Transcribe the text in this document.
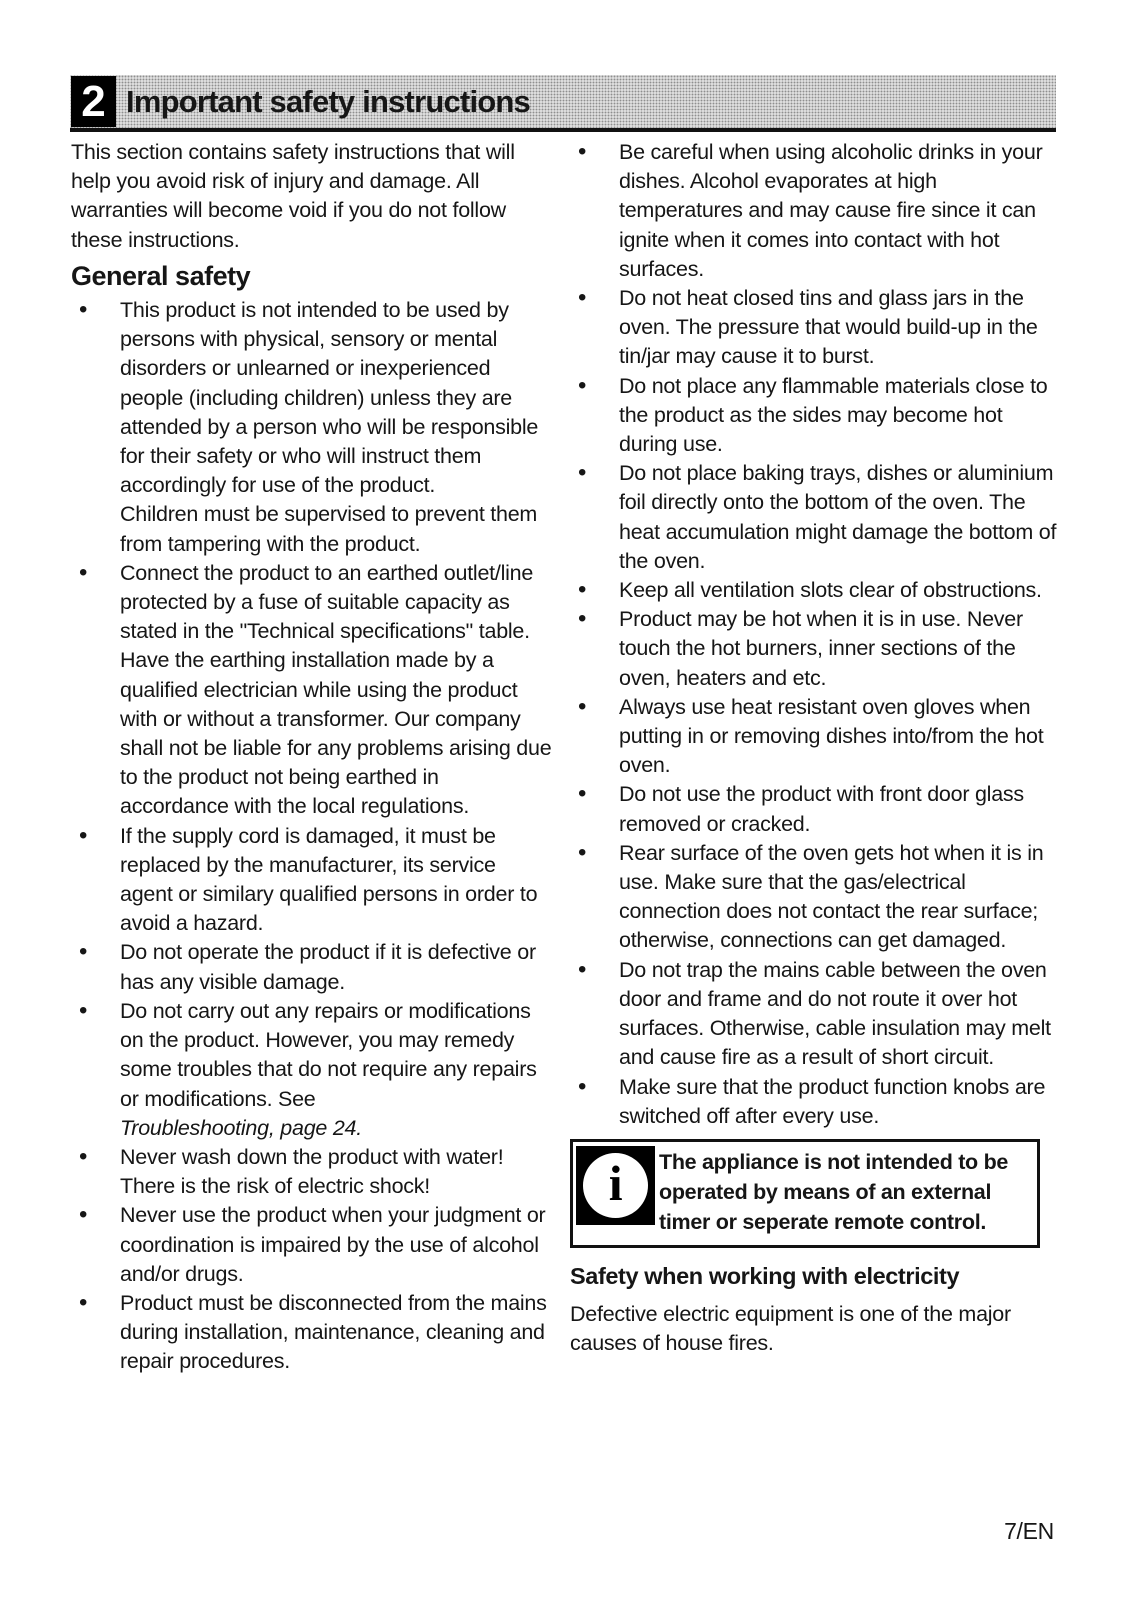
2 Important safety instructions

This section contains safety instructions that will help you avoid risk of injury and damage. All warranties will become void if you do not follow these instructions.

General safety
• This product is not intended to be used by persons with physical, sensory or mental disorders or unlearned or inexperienced people (including children) unless they are attended by a person who will be responsible for their safety or who will instruct them accordingly for use of the product.
Children must be supervised to prevent them from tampering with the product.
• Connect the product to an earthed outlet/line protected by a fuse of suitable capacity as stated in the "Technical specifications" table. Have the earthing installation made by a qualified electrician while using the product with or without a transformer. Our company shall not be liable for any problems arising due to the product not being earthed in accordance with the local regulations.
• If the supply cord is damaged, it must be replaced by the manufacturer, its service agent or similary qualified persons in order to avoid a hazard.
• Do not operate the product if it is defective or has any visible damage.
• Do not carry out any repairs or modifications on the product. However, you may remedy some troubles that do not require any repairs or modifications. See
Troubleshooting, page 24.
• Never wash down the product with water! There is the risk of electric shock!
• Never use the product when your judgment or coordination is impaired by the use of alcohol and/or drugs.
• Product must be disconnected from the mains during installation, maintenance, cleaning and repair procedures.
• Be careful when using alcoholic drinks in your dishes. Alcohol evaporates at high temperatures and may cause fire since it can ignite when it comes into contact with hot surfaces.
• Do not heat closed tins and glass jars in the oven. The pressure that would build-up in the tin/jar may cause it to burst.
• Do not place any flammable materials close to the product as the sides may become hot during use.
• Do not place baking trays, dishes or aluminium foil directly onto the bottom of the oven. The heat accumulation might damage the bottom of the oven.
• Keep all ventilation slots clear of obstructions.
• Product may be hot when it is in use. Never touch the hot burners, inner sections of the oven, heaters and etc.
• Always use heat resistant oven gloves when putting in or removing dishes into/from the hot oven.
• Do not use the product with front door glass removed or cracked.
• Rear surface of the oven gets hot when it is in use. Make sure that the gas/electrical connection does not contact the rear surface; otherwise, connections can get damaged.
• Do not trap the mains cable between the oven door and frame and do not route it over hot surfaces. Otherwise, cable insulation may melt and cause fire as a result of short circuit.
• Make sure that the product function knobs are switched off after every use.
i The appliance is not intended to be operated by means of an external timer or seperate remote control.
Safety when working with electricity

Defective electric equipment is one of the major causes of house fires.

7/EN
